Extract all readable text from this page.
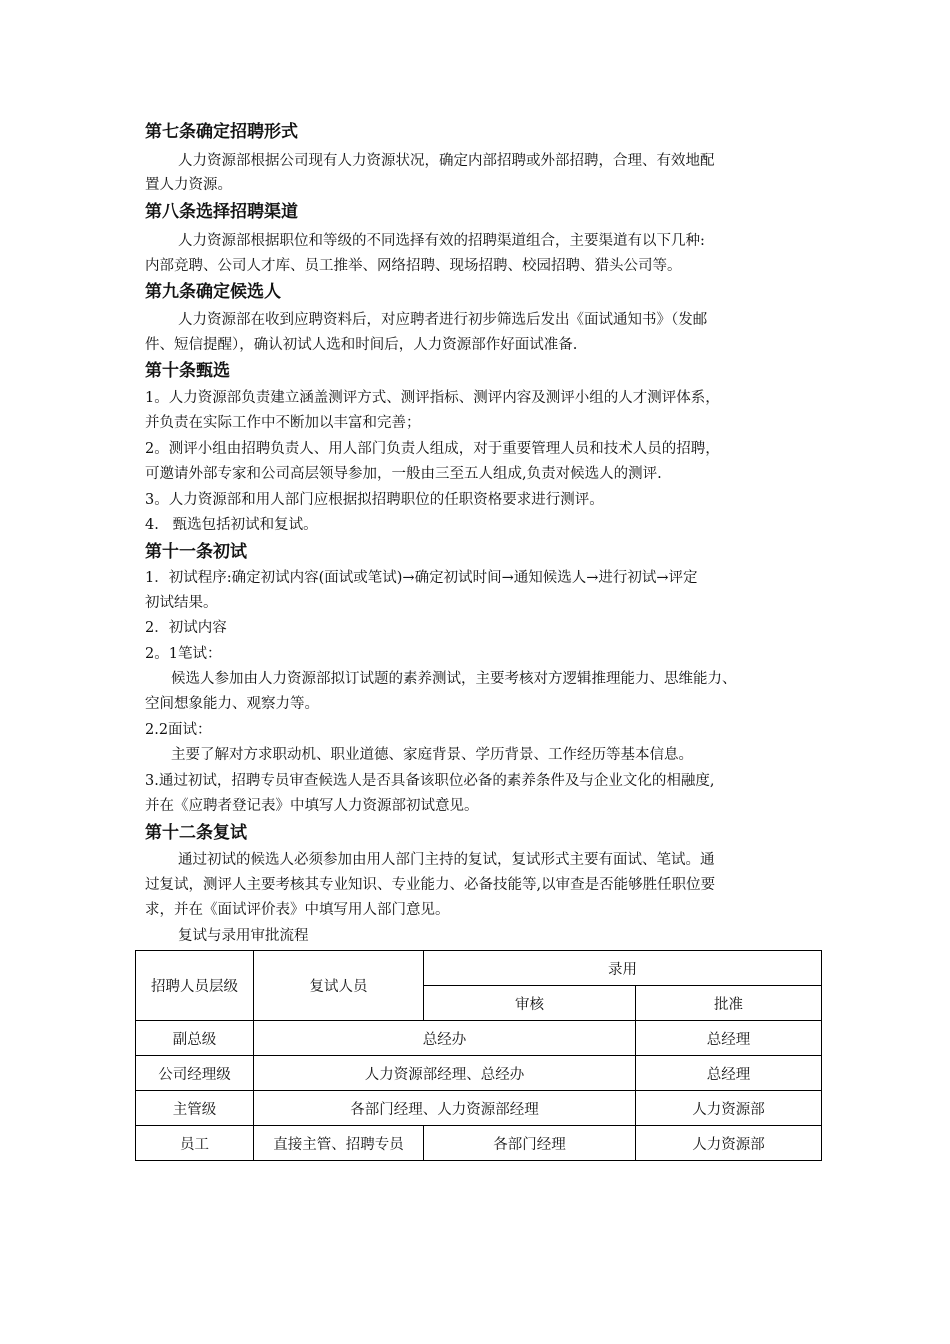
第七条确定招聘形式
人力资源部根据公司现有人力资源状况，确定内部招聘或外部招聘，合理、有效地配
置人力资源。
第八条选择招聘渠道
人力资源部根据职位和等级的不同选择有效的招聘渠道组合，主要渠道有以下几种:
内部竞聘、公司人才库、员工推举、网络招聘、现场招聘、校园招聘、猎头公司等。
第九条确定候选人
人力资源部在收到应聘资料后，对应聘者进行初步筛选后发出《面试通知书》（发邮
件、短信提醒），确认初试人选和时间后，人力资源部作好面试准备.
第十条甄选
1。人力资源部负责建立涵盖测评方式、测评指标、测评内容及测评小组的人才测评体系，
并负责在实际工作中不断加以丰富和完善；
2。测评小组由招聘负责人、用人部门负责人组成，对于重要管理人员和技术人员的招聘，
可邀请外部专家和公司高层领导参加，一般由三至五人组成,负责对候选人的测评.
3。人力资源部和用人部门应根据拟招聘职位的任职资格要求进行测评。
4.   甄选包括初试和复试。
第十一条初试
1．初试程序:确定初试内容(面试或笔试)→确定初试时间→通知候选人→进行初试→评定
初试结果。
2．初试内容
2。1笔试：
候选人参加由人力资源部拟订试题的素养测试，主要考核对方逻辑推理能力、思维能力、
空间想象能力、观察力等。
2.2面试：
主要了解对方求职动机、职业道德、家庭背景、学历背景、工作经历等基本信息。
3.通过初试，招聘专员审查候选人是否具备该职位必备的素养条件及与企业文化的相融度,
并在《应聘者登记表》中填写人力资源部初试意见。
第十二条复试
通过初试的候选人必须参加由用人部门主持的复试，复试形式主要有面试、笔试。通
过复试，测评人主要考核其专业知识、专业能力、必备技能等,以审查是否能够胜任职位要
求，并在《面试评价表》中填写用人部门意见。
复试与录用审批流程
招聘人员层级	复试人员	录用	
		审核	批准
副总级	总经办		总经理
公司经理级	人力资源部经理、总经办		总经理
主管级	各部门经理、人力资源部经理		人力资源部
员工	直接主管、招聘专员	各部门经理	人力资源部
